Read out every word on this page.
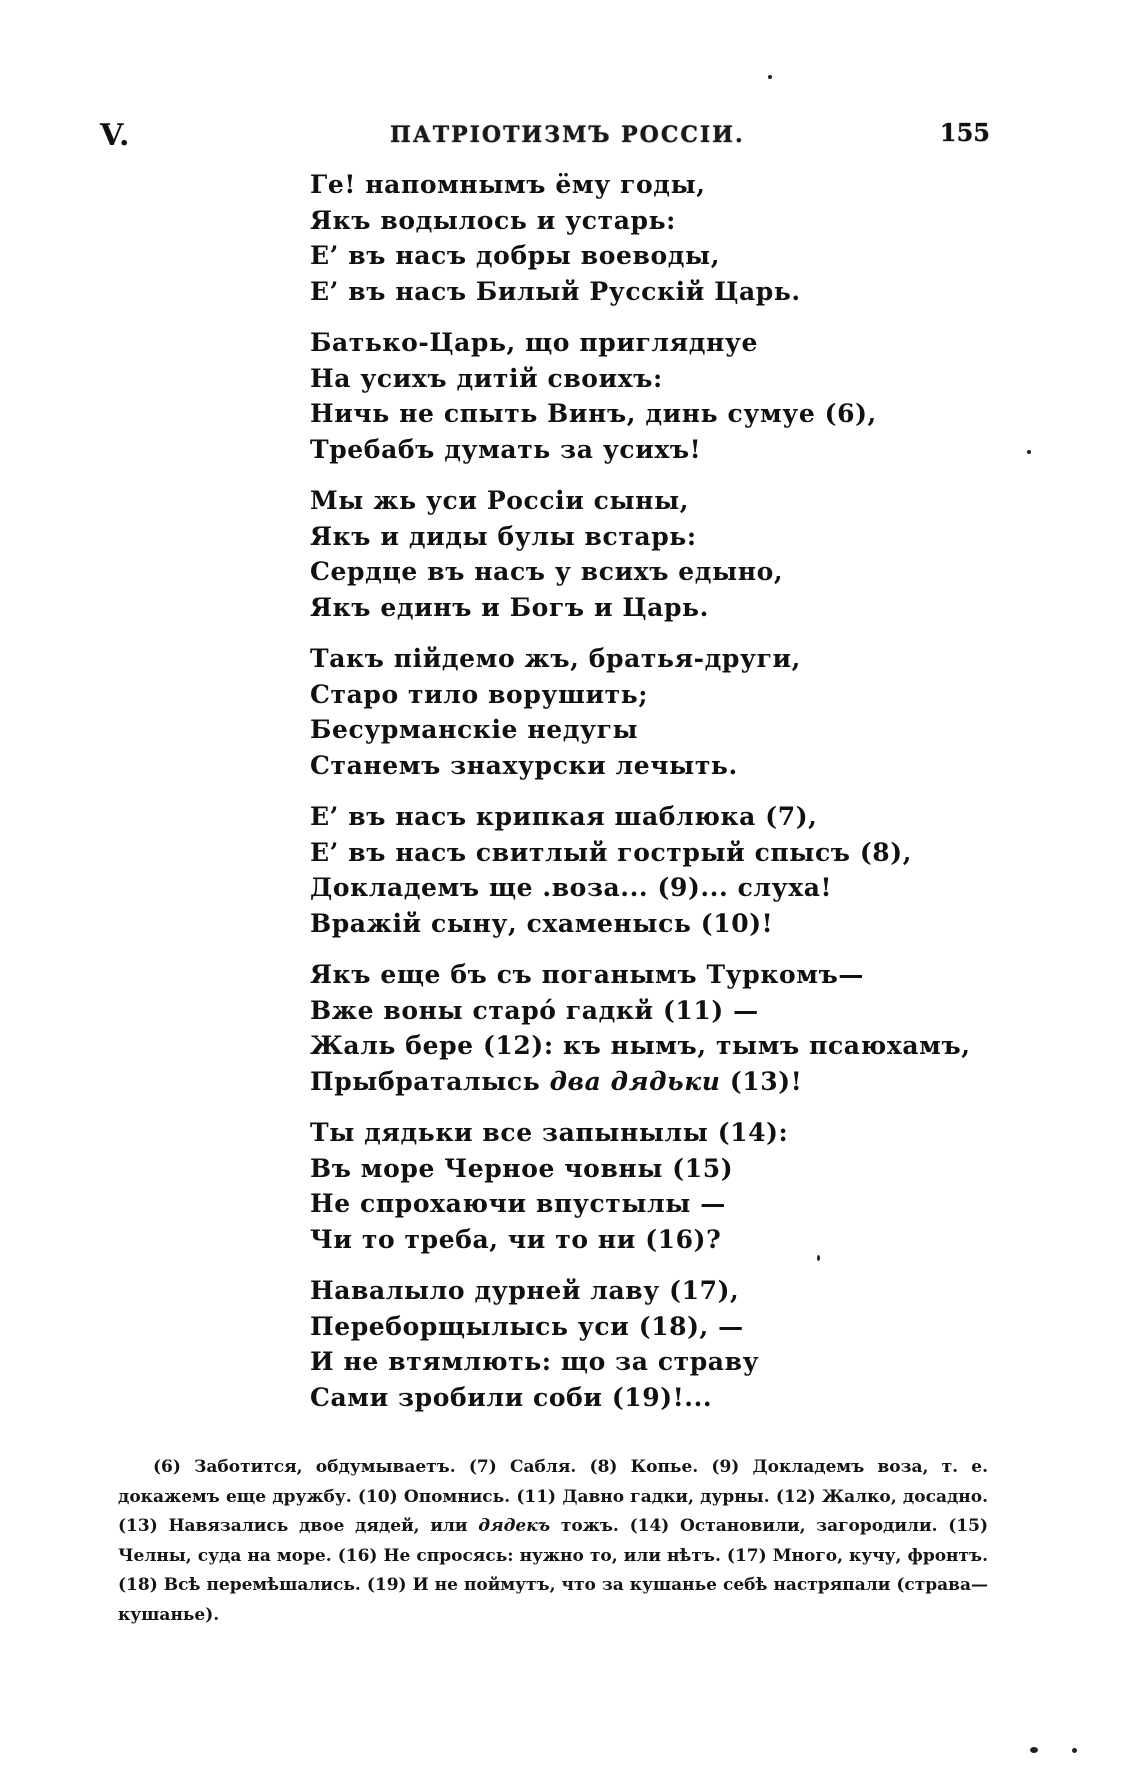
V.	ПАТРІОТИЗМЪ РОССІИ.	155
Ге! напомнымъ ёму годы,
Якъ водылось и устарь:
Е’ въ насъ добры воеводы,
Е’ въ насъ Билый Русскій Царь.
Батько-Царь, що пригляднуе
На усихъ дитій своихъ:
Ничь не спыть Винъ, динь сумуе (6),
Требабъ думать за усихъ!
Мы жь уси Россіи сыны,
Якъ и диды булы встарь:
Сердце въ насъ у всихъ едыно,
Якъ единъ и Богъ и Царь.
Такъ пійдемо жъ, братья-други,
Старо тило ворушить;
Бесурманскіе недугы
Станемъ знахурски лечыть.
Е’ въ насъ крипкая шаблюка (7),
Е’ въ насъ свитлый гострый спысъ (8),
Докладемъ ще .воза... (9)... слуха!
Вражій сыну, схаменысь (10)!
Якъ еще бъ съ поганымъ Туркомъ—
Вже воны старó гадкй (11) —
Жаль бере (12): къ нымъ, тымъ псаюхамъ,
Прыбраталысь два дядьки (13)!
Ты дядьки все запынылы (14):
Въ море Черное човны (15)
Не спрохаючи впустылы —
Чи то треба, чи то ни (16)?
Навалыло дурней лаву (17),
Переборщылысь уси (18), —
И не втямлють: що за страву
Сами зробили соби (19)!...

(6) Заботится, обдумываетъ. (7) Сабля. (8) Копье. (9) Докладемъ воза, т. е. докажемъ еще дружбу. (10) Опомнись. (11) Давно гадки, дурны. (12) Жалко, досадно. (13) Навязались двое дядей, или дядекъ тожъ. (14) Остановили, загородили. (15) Челны, суда на море. (16) Не спросясь: нужно то, или нѣтъ. (17) Много, кучу, фронтъ. (18) Всѣ перемѣшались. (19) И не поймутъ, что за кушанье себѣ настряпали (страва—кушанье).
